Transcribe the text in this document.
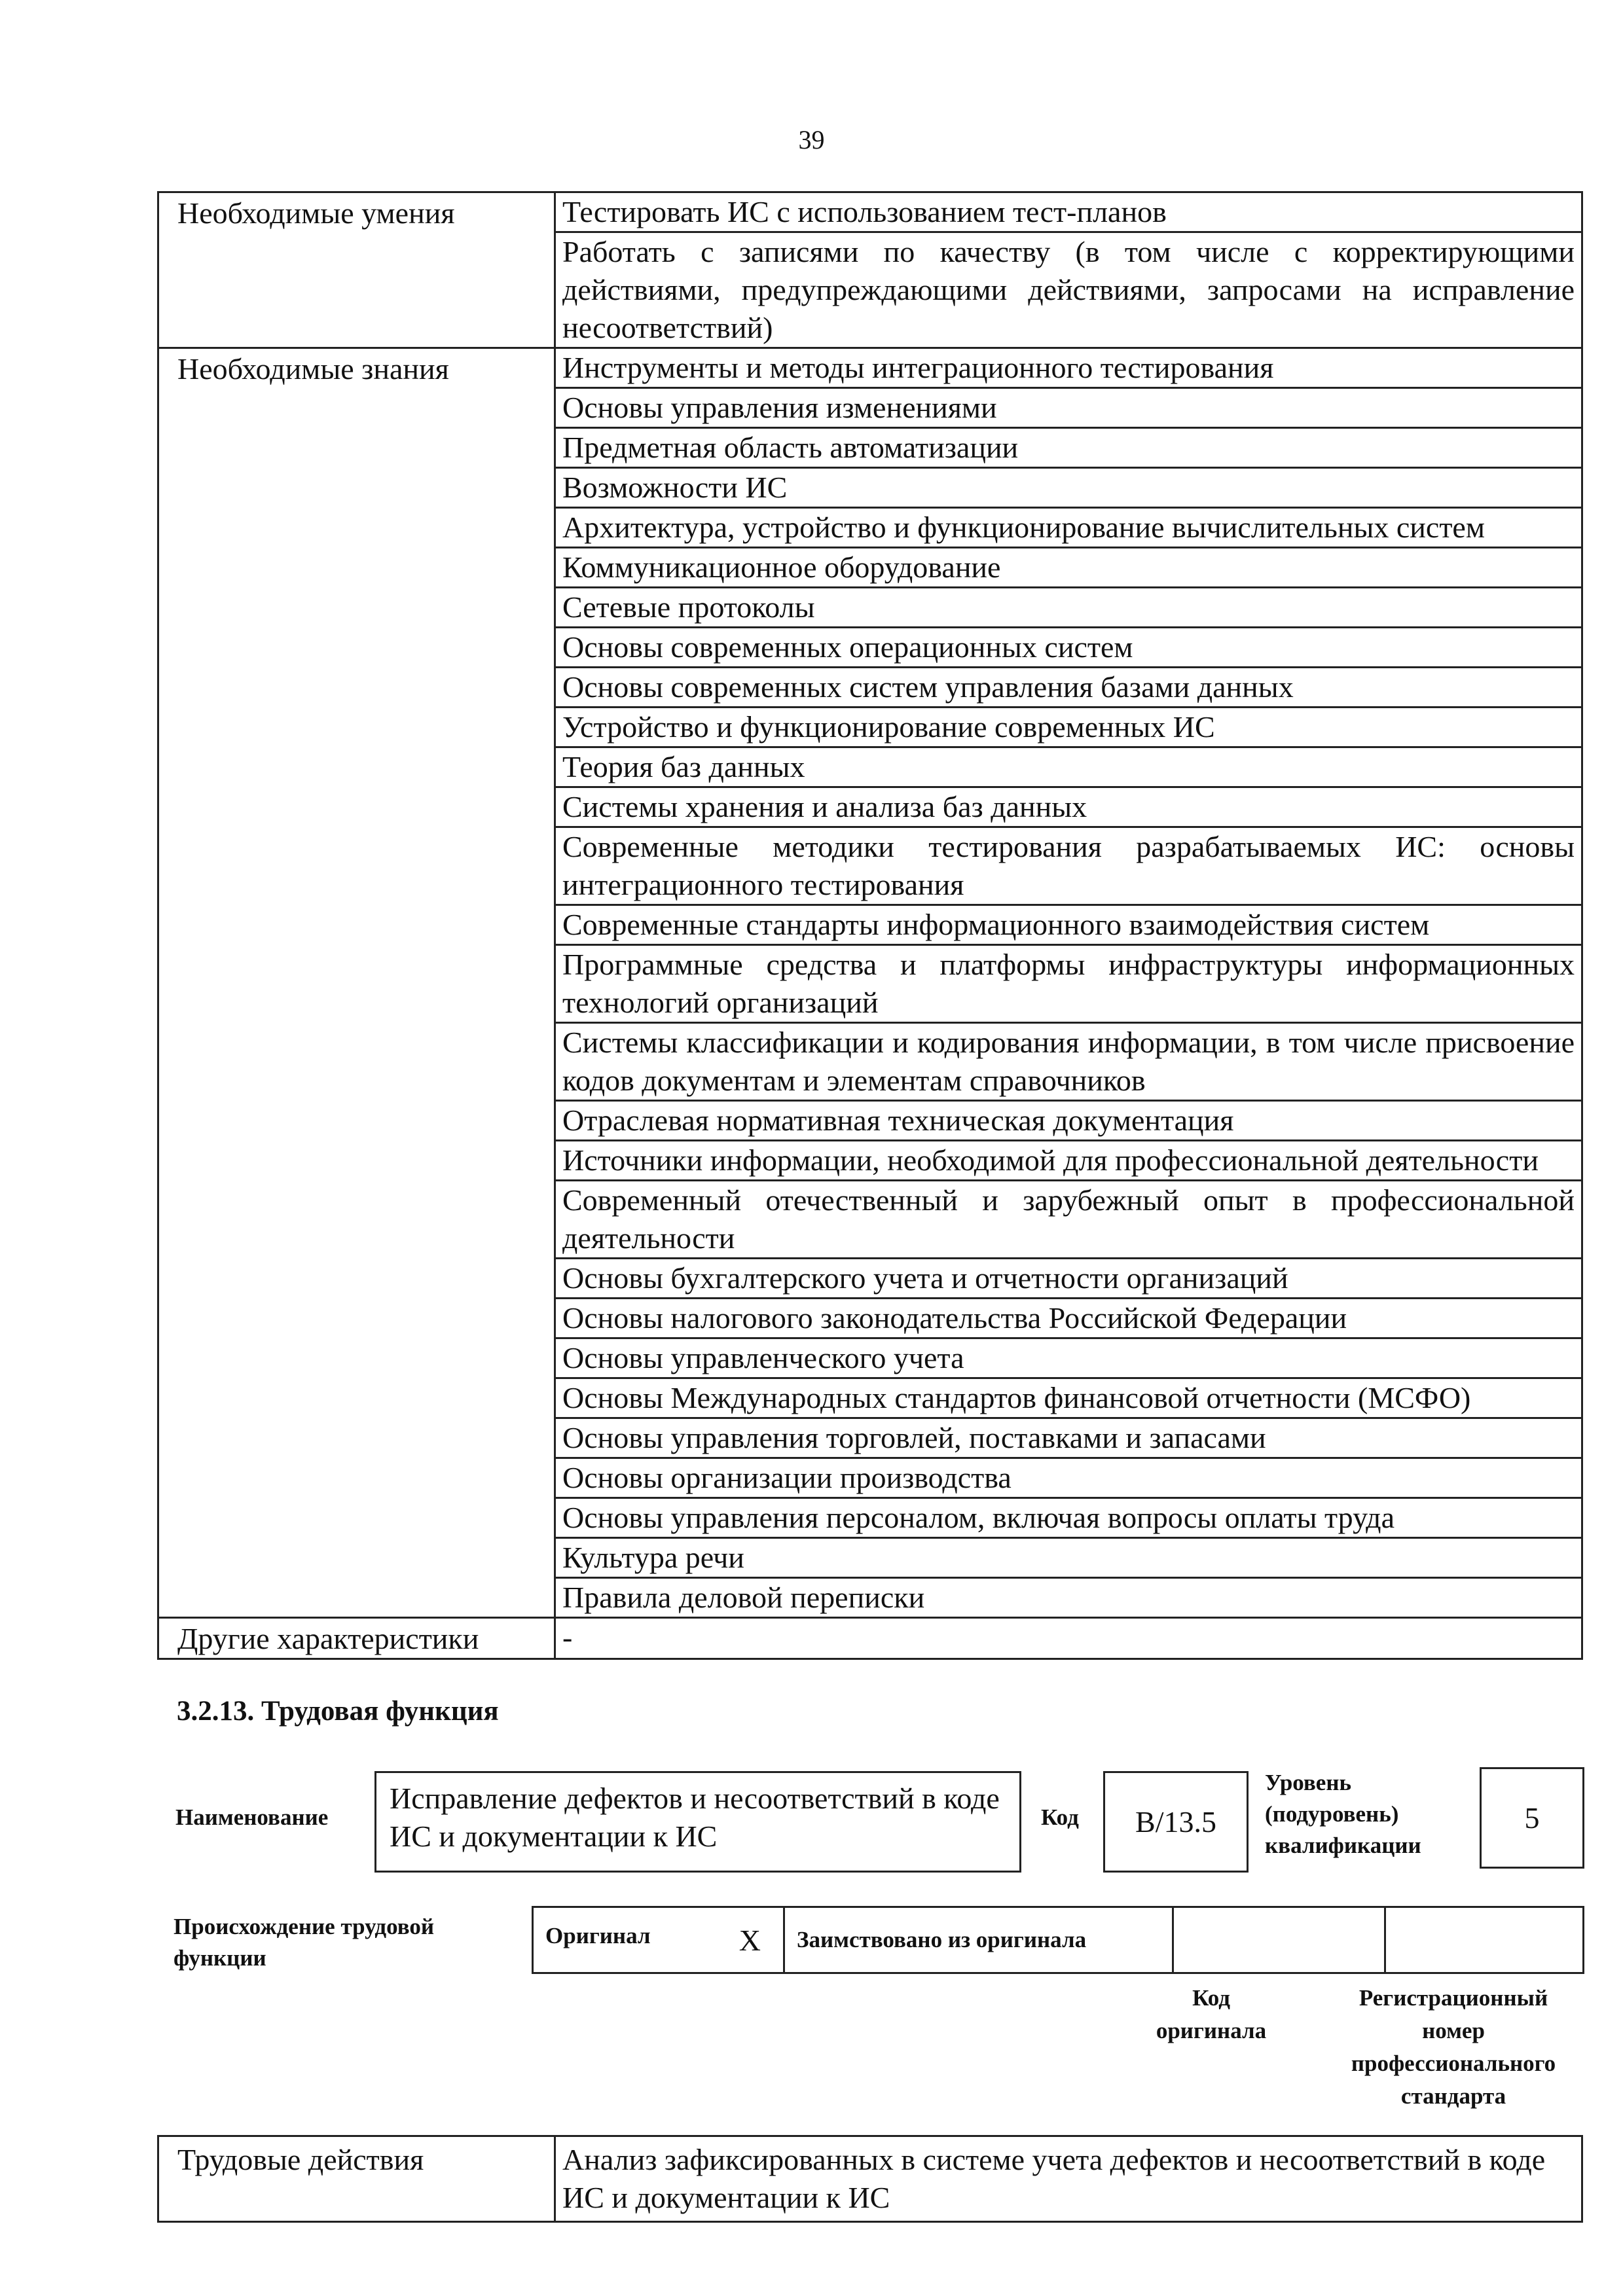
39
Необходимые умения	Тестировать ИС с использованием тест-планов
	Работать с записями по качеству (в том числе с корректирующими действиями, предупреждающими действиями, запросами на исправление несоответствий)
Необходимые знания	Инструменты и методы интеграционного тестирования
	Основы управления изменениями
	Предметная область автоматизации
	Возможности ИС
	Архитектура, устройство и функционирование вычислительных систем
	Коммуникационное оборудование
	Сетевые протоколы
	Основы современных операционных систем
	Основы современных систем управления базами данных
	Устройство и функционирование современных ИС
	Теория баз данных
	Системы хранения и анализа баз данных
	Современные методики тестирования разрабатываемых ИС: основы интеграционного тестирования
	Современные стандарты информационного взаимодействия систем
	Программные средства и платформы инфраструктуры информационных технологий организаций
	Системы классификации и кодирования информации, в том числе присвоение кодов документам и элементам справочников
	Отраслевая нормативная техническая документация
	Источники информации, необходимой для профессиональной деятельности
	Современный отечественный и зарубежный опыт в профессиональной деятельности
	Основы бухгалтерского учета и отчетности организаций
	Основы налогового законодательства Российской Федерации
	Основы управленческого учета
	Основы Международных стандартов финансовой отчетности (МСФО)
	Основы управления торговлей, поставками и запасами
	Основы организации производства
	Основы управления персоналом, включая вопросы оплаты труда
	Культура речи
	Правила деловой переписки
Другие характеристики	-
3.2.13. Трудовая функция
Наименование
Исправление дефектов и несоответствий в коде ИС и документации к ИС
Код	B/13.5
Уровень (подуровень) квалификации
5
Происхождение трудовой функции
Оригинал	X	Заимствовано из оригинала		
Код оригинала
Регистрационный номер профессионального стандарта
Трудовые действия	Анализ зафиксированных в системе учета дефектов и несоответствий в коде ИС и документации к ИС
